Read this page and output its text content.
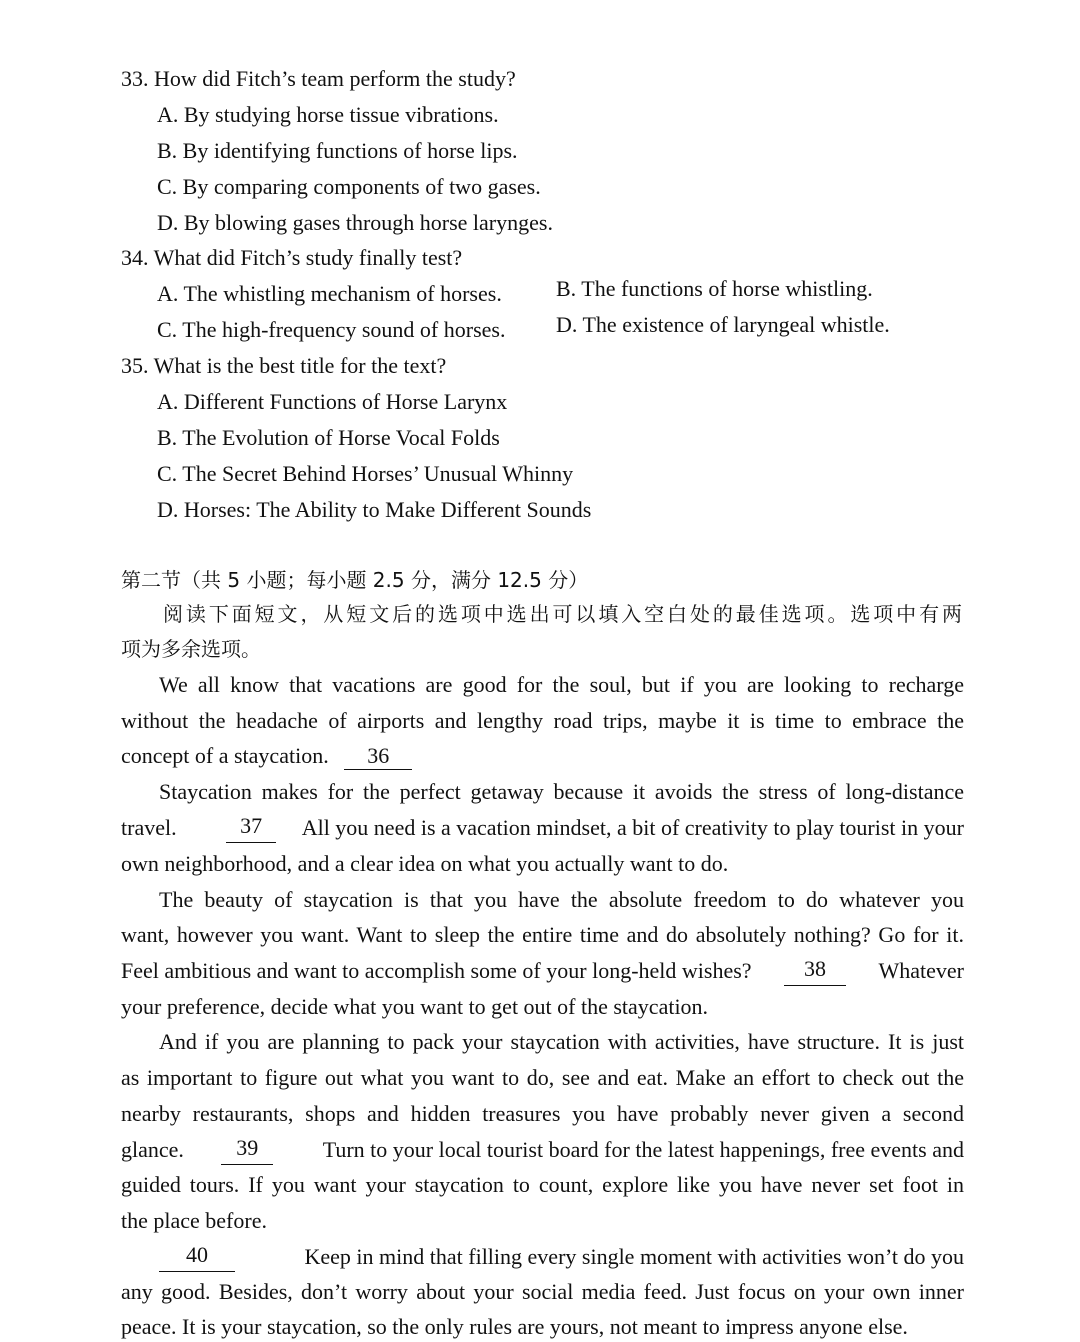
33. How did Fitch’s team perform the study?
A. By studying horse tissue vibrations.
B. By identifying functions of horse lips.
C. By comparing components of two gases.
D. By blowing gases through horse larynges.
34. What did Fitch’s study finally test?
A. The whistling mechanism of horses. B. The functions of horse whistling.
C. The high-frequency sound of horses. D. The existence of laryngeal whistle.
35. What is the best title for the text?
A. Different Functions of Horse Larynx
B. The Evolution of Horse Vocal Folds
C. The Secret Behind Horses’ Unusual Whinny
D. Horses: The Ability to Make Different Sounds
第二节（共 5 小题；每小题 2.5 分，满分 12.5 分）
阅读下面短文，从短文后的选项中选出可以填入空白处的最佳选项。选项中有两
项为多余选项。
We all know that vacations are good for the soul, but if you are looking to recharge
without the headache of airports and lengthy road trips, maybe it is time to embrace the
concept of a staycation. 36
Staycation makes for the perfect getaway because it avoids the stress of long-distance
travel.	37	All you need is a vacation mindset, a bit of creativity to play tourist in your
own neighborhood, and a clear idea on what you actually want to do.
The beauty of staycation is that you have the absolute freedom to do whatever you
want, however you want. Want to sleep the entire time and do absolutely nothing? Go for it.
Feel ambitious and want to accomplish some of your long-held wishes?	38	Whatever
your preference, decide what you want to get out of the staycation.
And if you are planning to pack your staycation with activities, have structure. It is just
as important to figure out what you want to do, see and eat. Make an effort to check out the
nearby restaurants, shops and hidden treasures you have probably never given a second
glance.	39	Turn to your local tourist board for the latest happenings, free events and
guided tours. If you want your staycation to count, explore like you have never set foot in
the place before.
40	Keep in mind that filling every single moment with activities won’t do you
any good. Besides, don’t worry about your social media feed. Just focus on your own inner
peace. It is your staycation, so the only rules are yours, not meant to impress anyone else.
